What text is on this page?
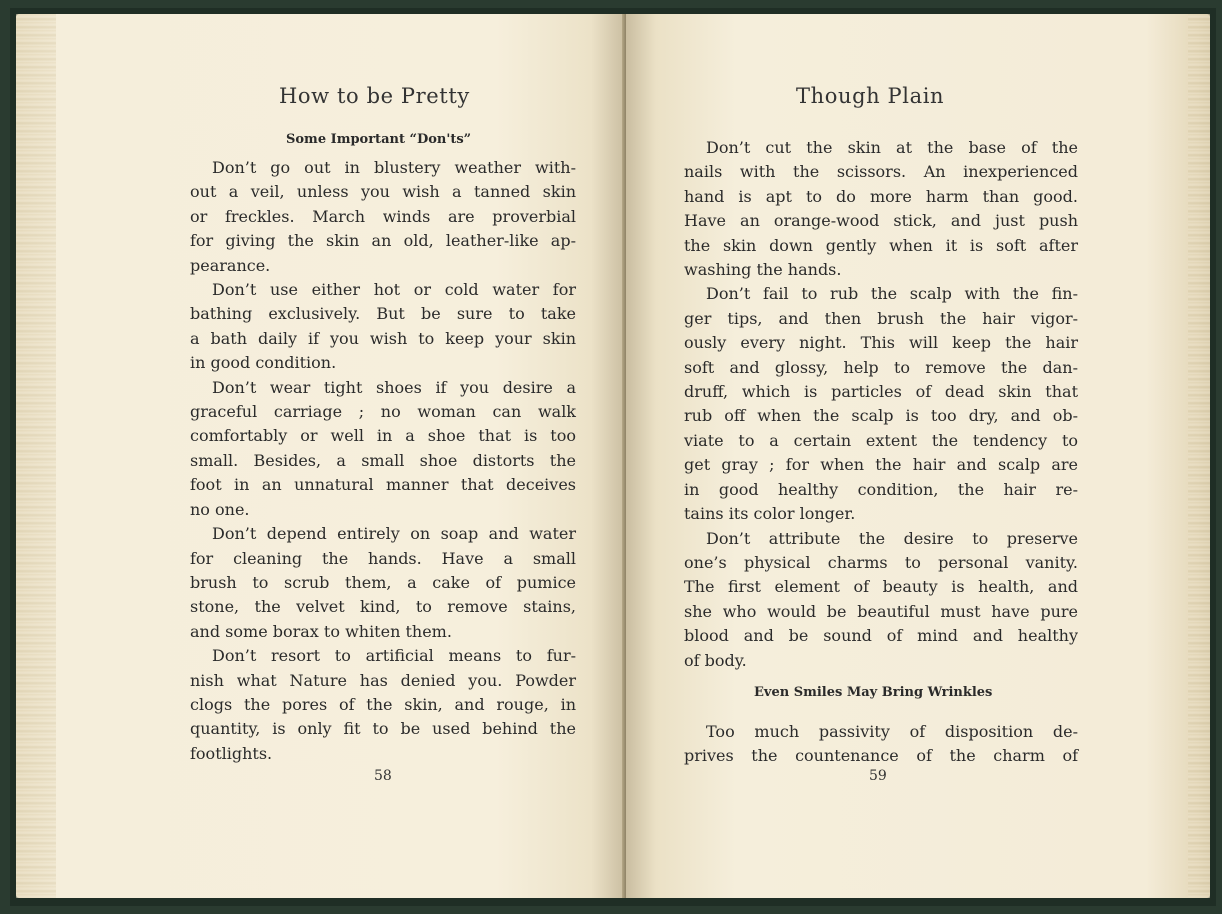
How to be Pretty
Some Important “Don'ts”
Don’t go out in blustery weather with-
out a veil, unless you wish a tanned skin
or freckles. March winds are proverbial
for giving the skin an old, leather-like ap-
pearance.
Don’t use either hot or cold water for
bathing exclusively. But be sure to take
a bath daily if you wish to keep your skin
in good condition.
Don’t wear tight shoes if you desire a
graceful carriage ; no woman can walk
comfortably or well in a shoe that is too
small. Besides, a small shoe distorts the
foot in an unnatural manner that deceives
no one.
Don’t depend entirely on soap and water
for cleaning the hands. Have a small
brush to scrub them, a cake of pumice
stone, the velvet kind, to remove stains,
and some borax to whiten them.
Don’t resort to artificial means to fur-
nish what Nature has denied you. Powder
clogs the pores of the skin, and rouge, in
quantity, is only fit to be used behind the
footlights.
58
Though Plain
Don’t cut the skin at the base of the
nails with the scissors. An inexperienced
hand is apt to do more harm than good.
Have an orange-wood stick, and just push
the skin down gently when it is soft after
washing the hands.
Don’t fail to rub the scalp with the fin-
ger tips, and then brush the hair vigor-
ously every night. This will keep the hair
soft and glossy, help to remove the dan-
druff, which is particles of dead skin that
rub off when the scalp is too dry, and ob-
viate to a certain extent the tendency to
get gray ; for when the hair and scalp are
in good healthy condition, the hair re-
tains its color longer.
Don’t attribute the desire to preserve
one’s physical charms to personal vanity.
The first element of beauty is health, and
she who would be beautiful must have pure
blood and be sound of mind and healthy
of body.
Even Smiles May Bring Wrinkles
Too much passivity of disposition de-
prives the countenance of the charm of
59
